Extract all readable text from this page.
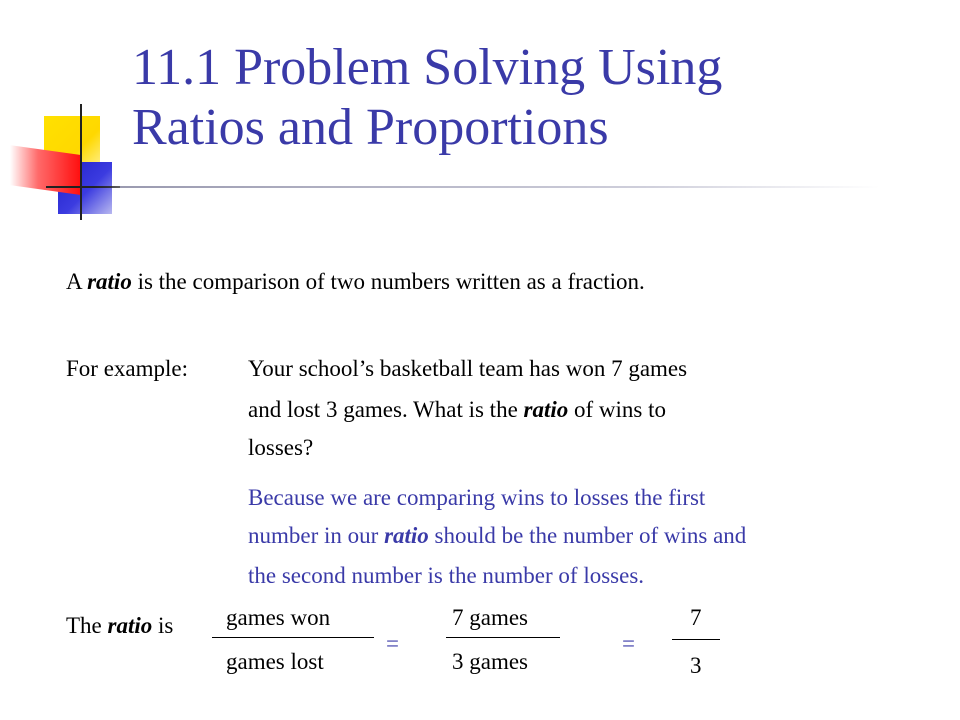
11.1 Problem Solving Using
Ratios and Proportions
A ratio is the comparison of two numbers written as a fraction.
For example:	Your school’s basketball team has won 7 games
and lost 3 games. What is the ratio of wins to
losses?
Because we are comparing wins to losses the first
number in our ratio should be the number of wins and
the second number is the number of losses.
The ratio is games won
games lost
=
7 games
3 games
=
7
3
